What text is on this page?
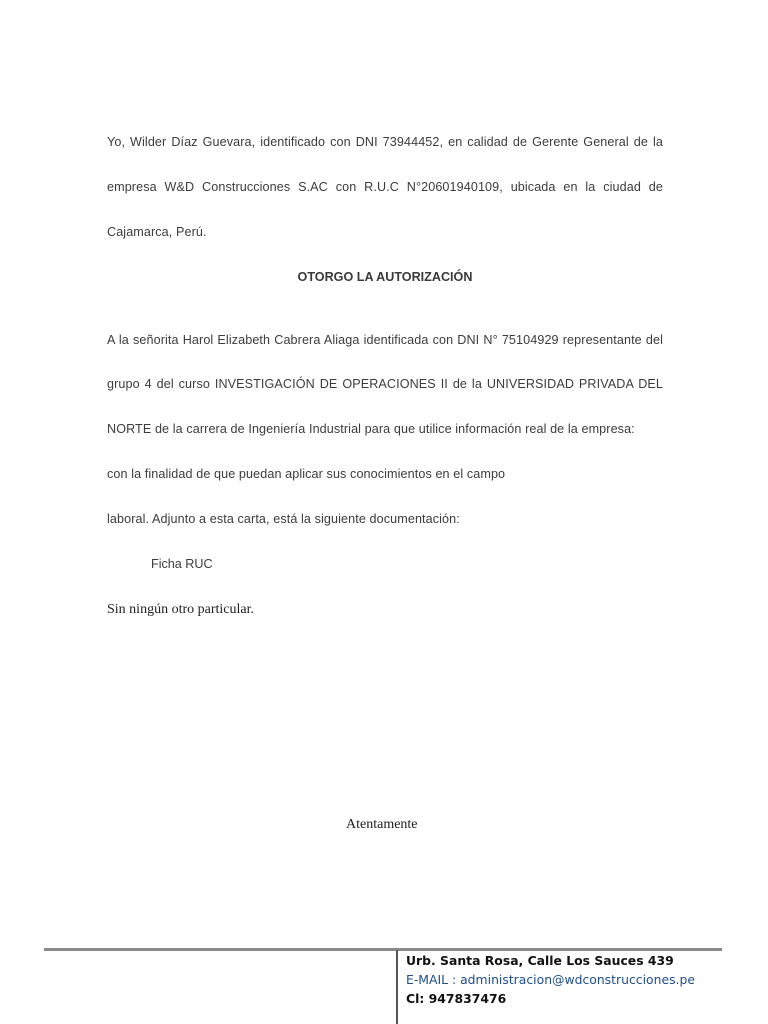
Yo, Wilder Díaz Guevara, identificado con DNI 73944452, en calidad de Gerente General de la

empresa W&D Construcciones S.AC con R.U.C N°20601940109, ubicada en la ciudad de

Cajamarca, Perú.

OTORGO LA AUTORIZACIÓN

A la señorita Harol Elizabeth Cabrera Aliaga identificada con DNI N° 75104929 representante del

grupo 4 del curso INVESTIGACIÓN DE OPERACIONES II de la UNIVERSIDAD PRIVADA DEL

NORTE de la carrera de Ingeniería Industrial para que utilice información real de la empresa:

con la finalidad de que puedan aplicar sus conocimientos en el campo

laboral. Adjunto a esta carta, está la siguiente documentación:

Ficha RUC
Sin ningún otro particular.
Atentamente
Urb. Santa Rosa, Calle Los Sauces 439
E-MAIL : administracion@wdconstrucciones.pe
Cl: 947837476
